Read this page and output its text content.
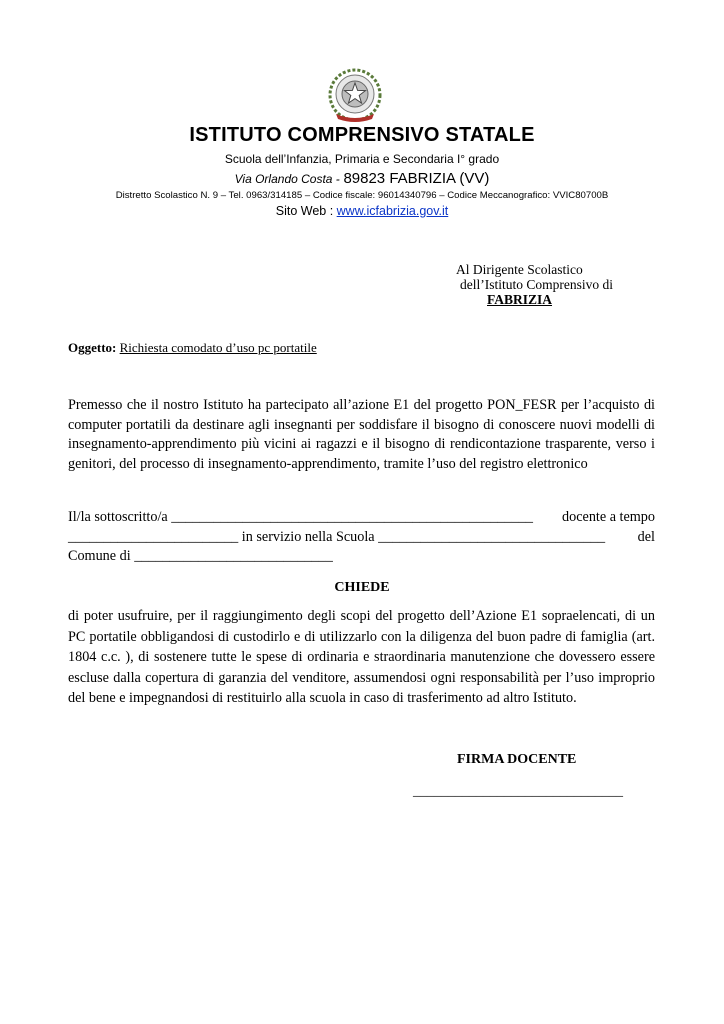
ISTITUTO COMPRENSIVO STATALE
Scuola dell’Infanzia, Primaria e Secondaria I° grado
Via Orlando Costa - 89823 FABRIZIA (VV)
Distretto Scolastico N. 9 – Tel. 0963/314185 – Codice fiscale: 96014340796 – Codice Meccanografico: VVIC80700B
Sito Web : www.icfabrizia.gov.it
Al Dirigente Scolastico
dell’Istituto Comprensivo di
FABRIZIA
Oggetto: Richiesta comodato d’uso pc portatile
Premesso che il nostro Istituto ha partecipato all’azione E1 del progetto PON_FESR per l’acquisto di computer portatili da destinare agli insegnanti per soddisfare il bisogno di conoscere nuovi modelli di insegnamento-apprendimento più vicini ai ragazzi e il bisogno di rendicontazione trasparente, verso i genitori, del processo di insegnamento-apprendimento, tramite l’uso del registro elettronico
Il/la sottoscritto/a ___________________________________________________ docente a tempo
________________________ in servizio nella Scuola ________________________________ del
Comune di ____________________________
CHIEDE
di poter usufruire, per il raggiungimento degli scopi del progetto dell’Azione E1 sopraelencati, di un PC portatile obbligandosi di custodirlo e di utilizzarlo con la diligenza del buon padre di famiglia (art. 1804 c.c. ), di sostenere tutte le spese di ordinaria e straordinaria manutenzione che dovessero essere escluse dalla copertura di garanzia del venditore, assumendosi ogni responsabilità per l’uso improprio del bene e impegnandosi di restituirlo alla scuola in caso di trasferimento ad altro Istituto.
FIRMA DOCENTE
______________________________
